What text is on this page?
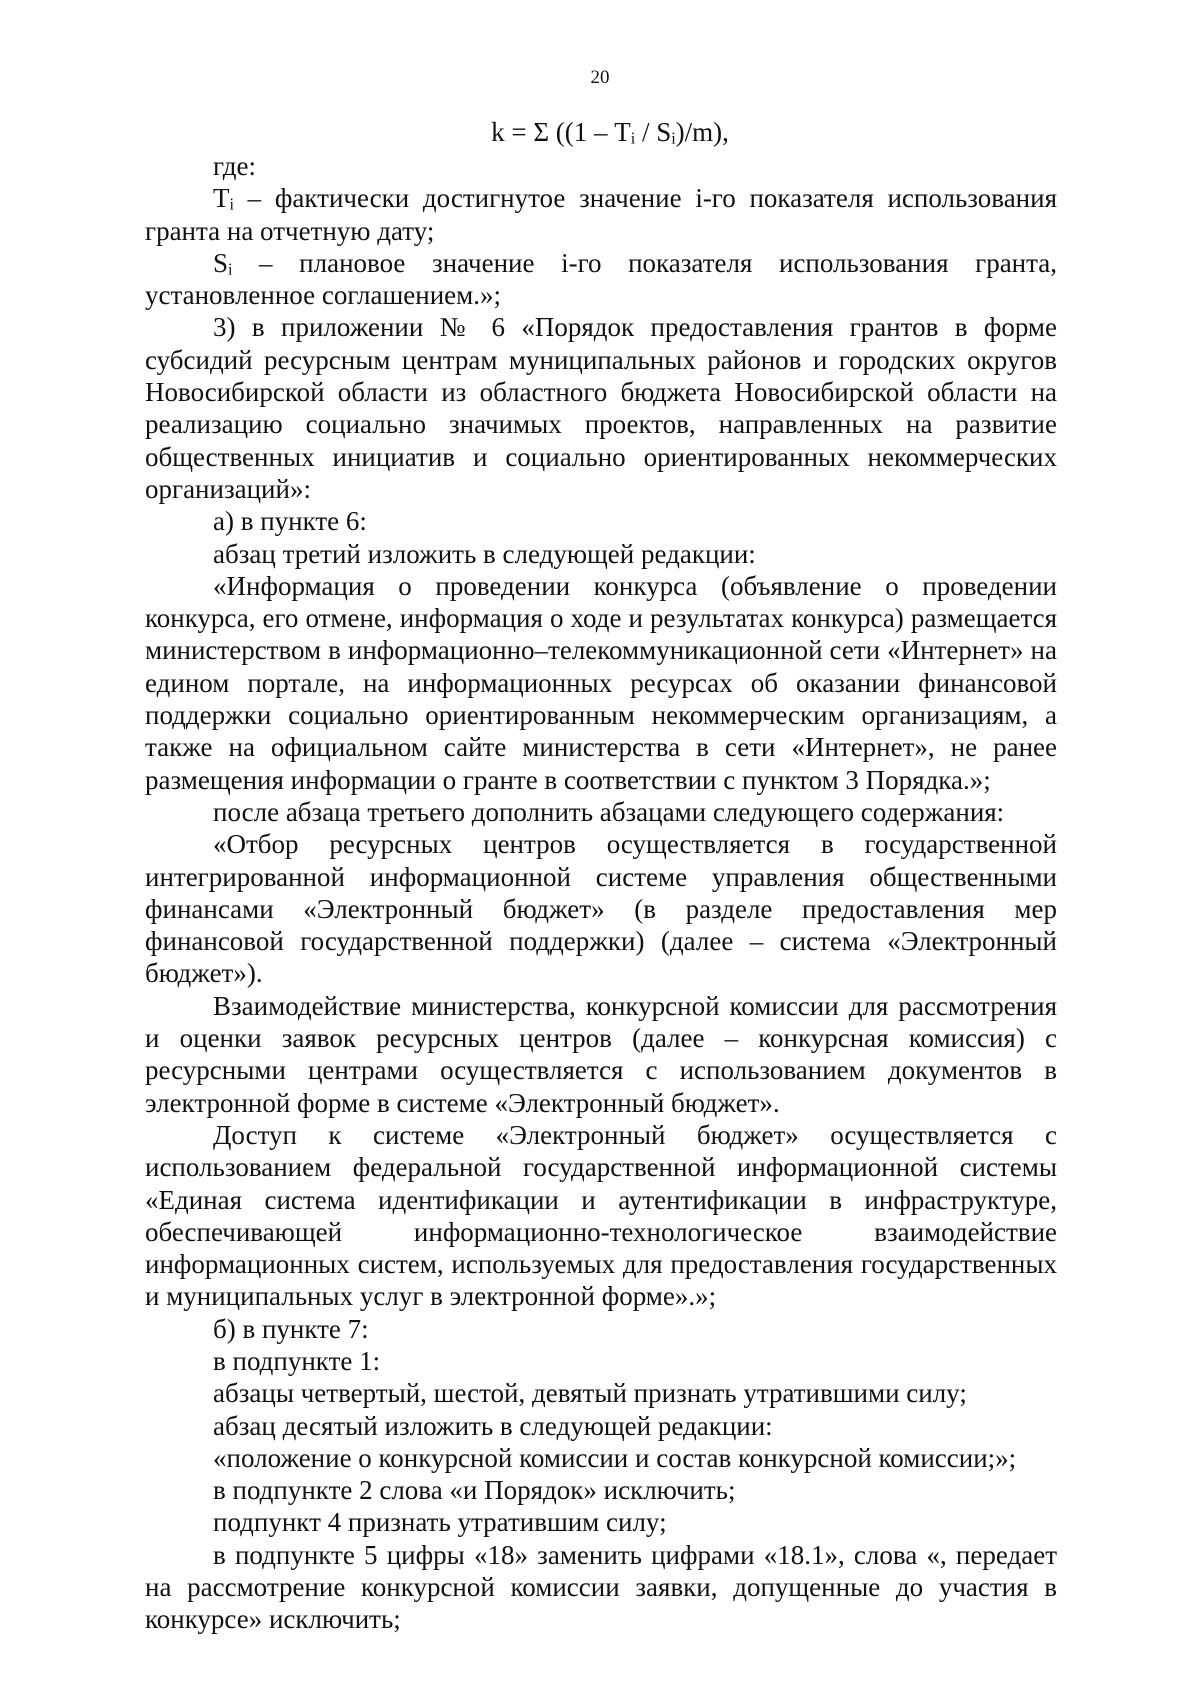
20
k = Σ ((1 – Tᵢ / Sᵢ)/m),

где:

Tᵢ – фактически достигнутое значение i-го показателя использования гранта на отчетную дату;

Sᵢ – плановое значение i-го показателя использования гранта, установленное соглашением.»;

3) в приложении № 6 «Порядок предоставления грантов в форме субсидий ресурсным центрам муниципальных районов и городских округов Новосибирской области из областного бюджета Новосибирской области на реализацию социально значимых проектов, направленных на развитие общественных инициатив и социально ориентированных некоммерческих организаций»:

а) в пункте 6:

абзац третий изложить в следующей редакции:

«Информация о проведении конкурса (объявление о проведении конкурса, его отмене, информация о ходе и результатах конкурса) размещается министерством в информационно–телекоммуникационной сети «Интернет» на едином портале, на информационных ресурсах об оказании финансовой поддержки социально ориентированным некоммерческим организациям, а также на официальном сайте министерства в сети «Интернет», не ранее размещения информации о гранте в соответствии с пунктом 3 Порядка.»;

после абзаца третьего дополнить абзацами следующего содержания:

«Отбор ресурсных центров осуществляется в государственной интегрированной информационной системе управления общественными финансами «Электронный бюджет» (в разделе предоставления мер финансовой государственной поддержки) (далее – система «Электронный бюджет»).

Взаимодействие министерства, конкурсной комиссии для рассмотрения и оценки заявок ресурсных центров (далее – конкурсная комиссия) с ресурсными центрами осуществляется с использованием документов в электронной форме в системе «Электронный бюджет».

Доступ к системе «Электронный бюджет» осуществляется с использованием федеральной государственной информационной системы «Единая система идентификации и аутентификации в инфраструктуре, обеспечивающей информационно-технологическое взаимодействие информационных систем, используемых для предоставления государственных и муниципальных услуг в электронной форме».»;

б) в пункте 7:

в подпункте 1:

абзацы четвертый, шестой, девятый признать утратившими силу;

абзац десятый изложить в следующей редакции:

«положение о конкурсной комиссии и состав конкурсной комиссии;»;

в подпункте 2 слова «и Порядок» исключить;

подпункт 4 признать утратившим силу;

в подпункте 5 цифры «18» заменить цифрами «18.1», слова «, передает на рассмотрение конкурсной комиссии заявки, допущенные до участия в конкурсе» исключить;
